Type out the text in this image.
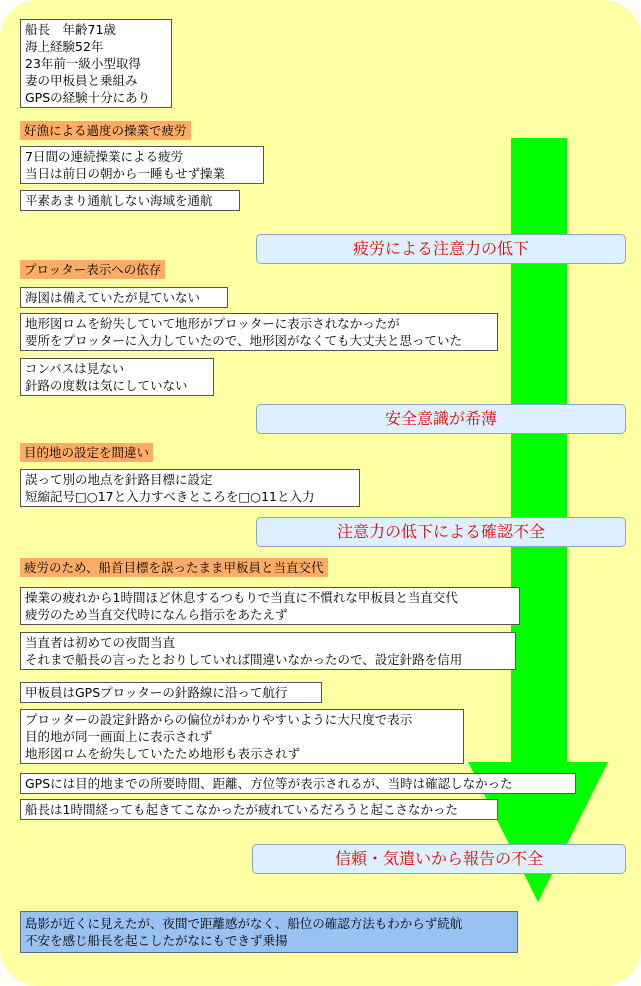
船長　年齢71歳
海上経験52年
23年前一級小型取得
妻の甲板員と乗組み
GPSの経験十分にあり
好漁による過度の操業で疲労
7日間の連続操業による疲労
当日は前日の朝から一睡もせず操業
平素あまり通航しない海域を通航
疲労による注意力の低下
プロッター表示への依存
海図は備えていたが見ていない
地形図ロムを紛失していて地形がプロッターに表示されなかったが
要所をプロッターに入力していたので、地形図がなくても大丈夫と思っていた
コンパスは見ない
針路の度数は気にしていない
安全意識が希薄
目的地の設定を間違い
誤って別の地点を針路目標に設定
短縮記号□○17と入力すべきところを□○11と入力
注意力の低下による確認不全
疲労のため、船首目標を誤ったまま甲板員と当直交代
操業の疲れから1時間ほど休息するつもりで当直に不慣れな甲板員と当直交代
疲労のため当直交代時になんら指示をあたえず
当直者は初めての夜間当直
それまで船長の言ったとおりしていれば間違いなかったので、設定針路を信用
甲板員はGPSプロッターの針路線に沿って航行
プロッターの設定針路からの偏位がわかりやすいように大尺度で表示
目的地が同一画面上に表示されず
地形図ロムを紛失していたため地形も表示されず
GPSには目的地までの所要時間、距離、方位等が表示されるが、当時は確認しなかった
船長は1時間経っても起きてこなかったが疲れているだろうと起こさなかった
信頼・気遣いから報告の不全
島影が近くに見えたが、夜間で距離感がなく、船位の確認方法もわからず続航
不安を感じ船長を起こしたがなにもできず乗揚
